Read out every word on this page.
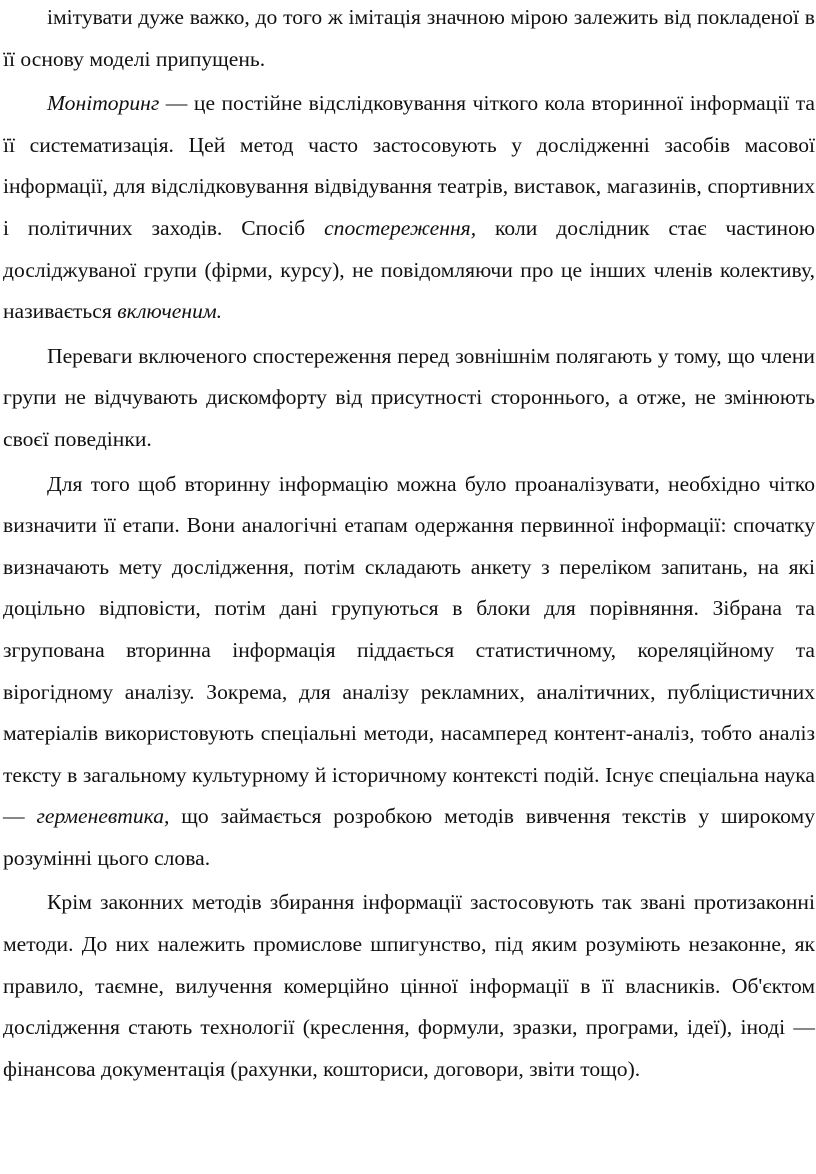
імітувати дуже важко, до того ж імітація значною мірою залежить від покладеної в її основу моделі припущень.

Моніторинг — це постійне відслідковування чіткого кола вторинної інформації та її систематизація. Цей метод часто застосовують у дослідженні засобів масової інформації, для відслідковування відвідування театрів, виставок, магазинів, спортивних і політичних заходів. Спосіб спостереження, коли дослідник стає частиною досліджуваної групи (фірми, курсу), не повідомляючи про це інших членів колективу, називається включеним.

Переваги включеного спостереження перед зовнішнім полягають у тому, що члени групи не відчувають дискомфорту від присутності стороннього, а отже, не змінюють своєї поведінки.

Для того щоб вторинну інформацію можна було проаналізувати, необхідно чітко визначити її етапи. Вони аналогічні етапам одержання первинної інформації: спочатку визначають мету дослідження, потім складають анкету з переліком запитань, на які доцільно відповісти, потім дані групуються в блоки для порівняння. Зібрана та згрупована вторинна інформація піддається статистичному, кореляційному та вірогідному аналізу. Зокрема, для аналізу рекламних, аналітичних, публіцистичних матеріалів використовують спеціальні методи, насамперед контент-аналіз, тобто аналіз тексту в загальному культурному й історичному контексті подій. Існує спеціальна наука — герменевтика, що займається розробкою методів вивчення текстів у широкому розумінні цього слова.

Крім законних методів збирання інформації застосовують так звані протизаконні методи. До них належить промислове шпигунство, під яким розуміють незаконне, як правило, таємне, вилучення комерційно цінної інформації в її власників. Об'єктом дослідження стають технології (креслення, формули, зразки, програми, ідеї), іноді — фінансова документація (рахунки, кошториси, договори, звіти тощо).
